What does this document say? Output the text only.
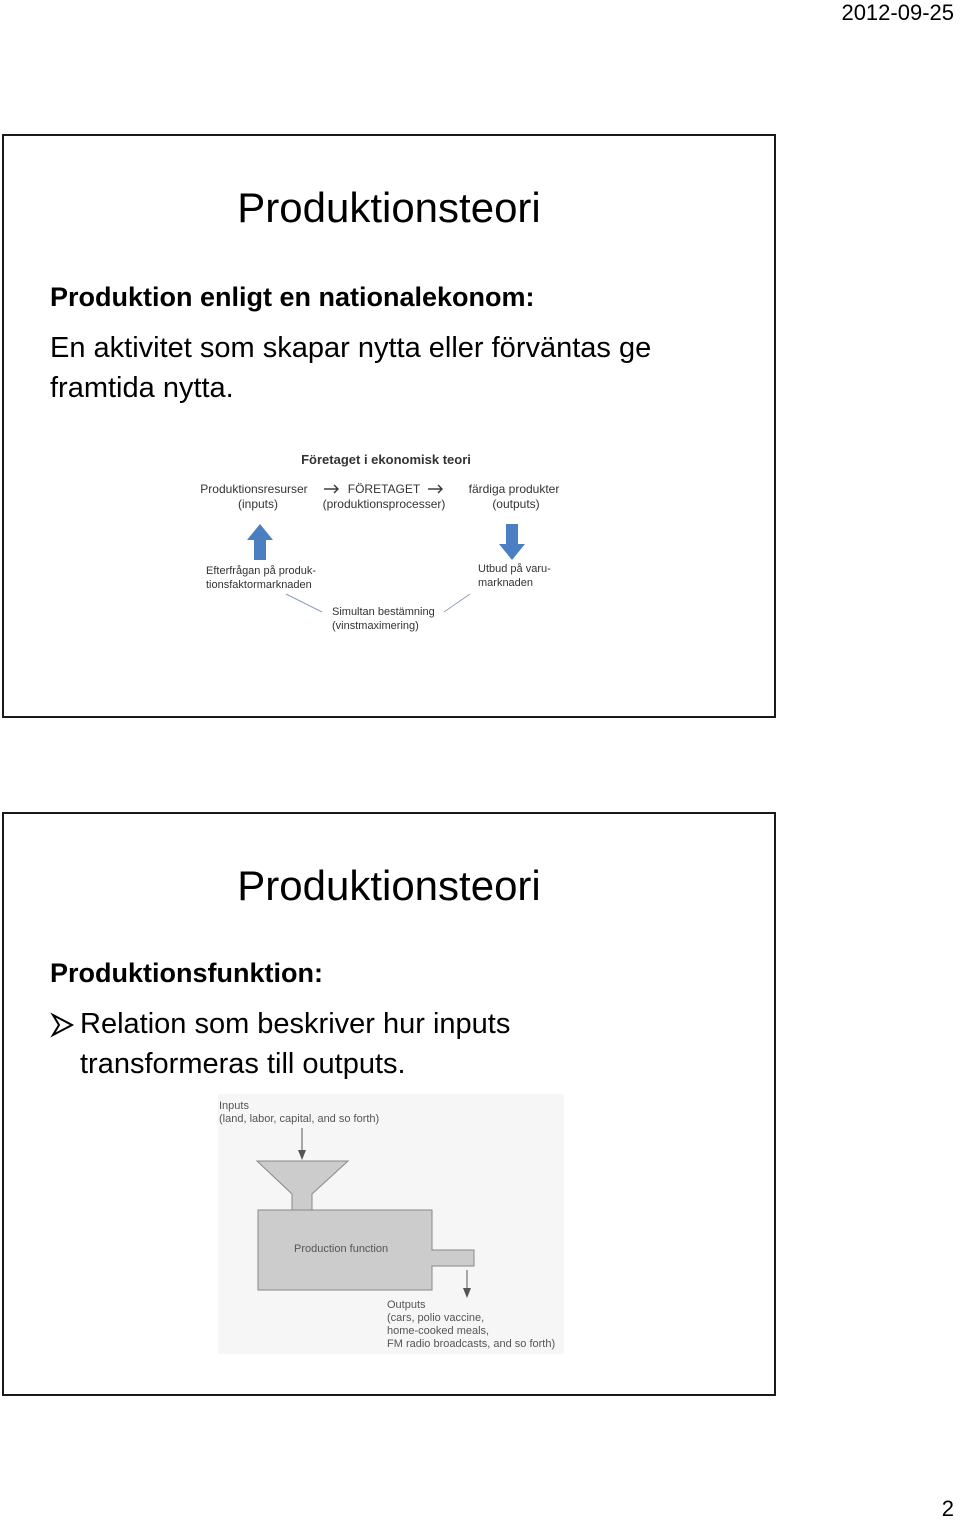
2012-09-25
Produktionsteori
Produktion enligt en nationalekonom:
En aktivitet som skapar nytta eller förväntas ge framtida nytta.
Företaget i ekonomisk teori
Produktionsresurser
(inputs)
FÖRETAGET
(produktionsprocesser)
färdiga produkter
(outputs)
Efterfrågan på produk-
tionsfaktormarknaden
Utbud på varu-
marknaden
Simultan bestämning
(vinstmaximering)
Produktionsteori
Produktionsfunktion:
Relation som beskriver hur inputs transformeras till outputs.
Inputs
(land, labor, capital, and so forth)
Production function
Outputs
(cars, polio vaccine,
home-cooked meals,
FM radio broadcasts, and so forth)
2
